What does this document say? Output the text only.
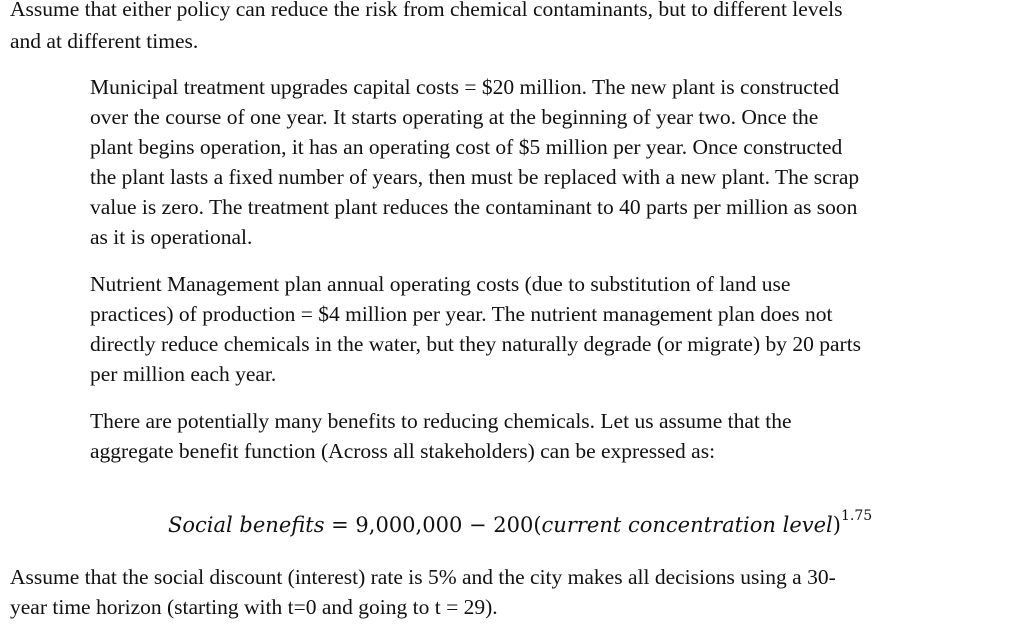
Assume that either policy can reduce the risk from chemical contaminants, but to different levels

and at different times.

Municipal treatment upgrades capital costs = $20 million. The new plant is constructed

over the course of one year. It starts operating at the beginning of year two. Once the

plant begins operation, it has an operating cost of $5 million per year. Once constructed

the plant lasts a fixed number of years, then must be replaced with a new plant. The scrap

value is zero. The treatment plant reduces the contaminant to 40 parts per million as soon

as it is operational.

Nutrient Management plan annual operating costs (due to substitution of land use

practices) of production = $4 million per year. The nutrient management plan does not

directly reduce chemicals in the water, but they naturally degrade (or migrate) by 20 parts

per million each year.

There are potentially many benefits to reducing chemicals. Let us assume that the

aggregate benefit function (Across all stakeholders) can be expressed as:

Social benefits = 9,000,000 − 200(current concentration level)$^{1.75}$

Assume that the social discount (interest) rate is 5% and the city makes all decisions using a 30-

year time horizon (starting with t=0 and going to t = 29).
